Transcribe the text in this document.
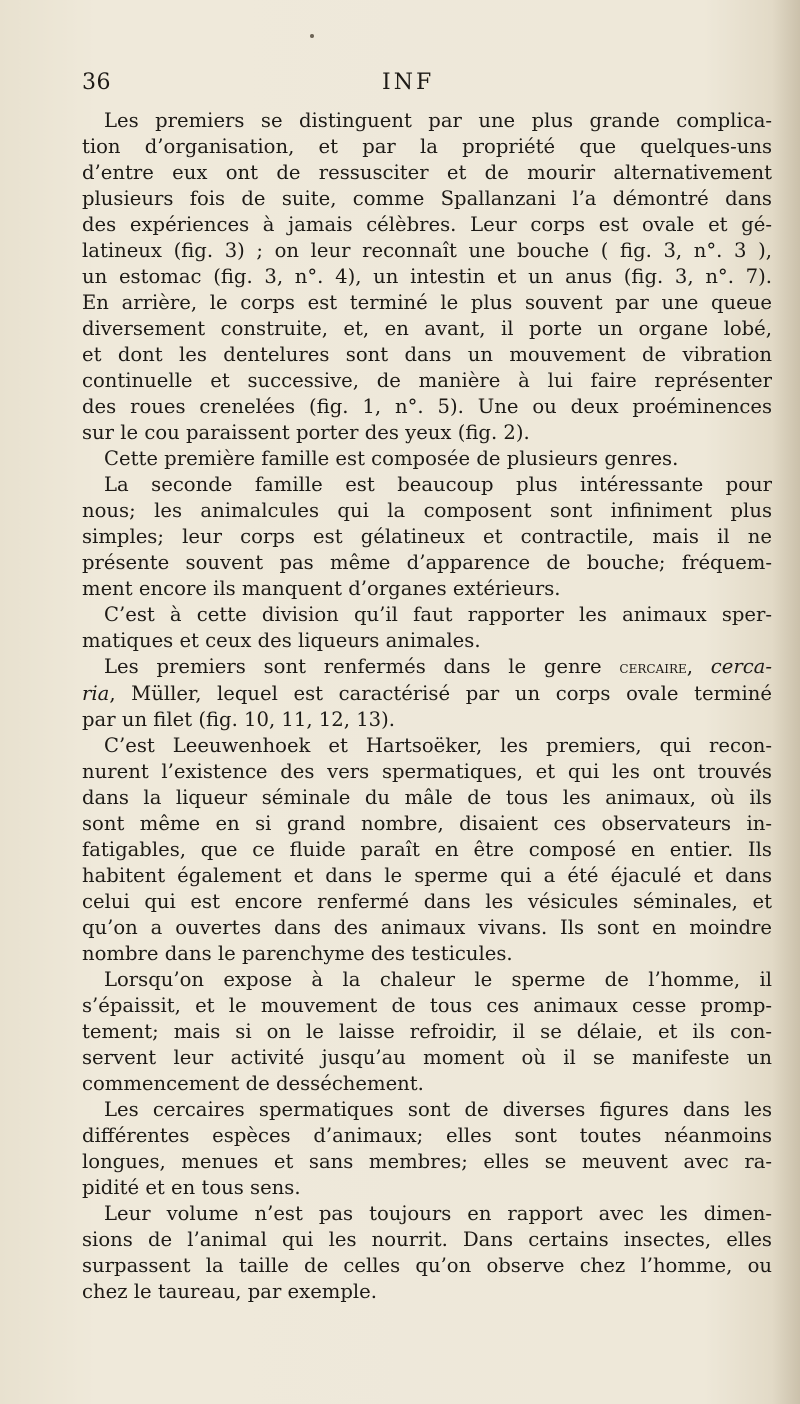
36	INF

Les premiers se distinguent par une plus grande complica-
tion d’organisation, et par la propriété que quelques-uns
d’entre eux ont de ressusciter et de mourir alternativement
plusieurs fois de suite, comme Spallanzani l’a démontré dans
des expériences à jamais célèbres. Leur corps est ovale et gé-
latineux (fig. 3) ; on leur reconnaît une bouche ( fig. 3, n°. 3 ),
un estomac (fig. 3, n°. 4), un intestin et un anus (fig. 3, n°. 7).
En arrière, le corps est terminé le plus souvent par une queue
diversement construite, et, en avant, il porte un organe lobé,
et dont les dentelures sont dans un mouvement de vibration
continuelle et successive, de manière à lui faire représenter
des roues crenelées (fig. 1, n°. 5). Une ou deux proéminences
sur le cou paraissent porter des yeux (fig. 2).

Cette première famille est composée de plusieurs genres.

La seconde famille est beaucoup plus intéressante pour
nous; les animalcules qui la composent sont infiniment plus
simples; leur corps est gélatineux et contractile, mais il ne
présente souvent pas même d’apparence de bouche; fréquem-
ment encore ils manquent d’organes extérieurs.

C’est à cette division qu’il faut rapporter les animaux sper-
matiques et ceux des liqueurs animales.

Les premiers sont renfermés dans le genre cercaire, cerca-
ria, Müller, lequel est caractérisé par un corps ovale terminé
par un filet (fig. 10, 11, 12, 13).

C’est Leeuwenhoek et Hartsoëker, les premiers, qui recon-
nurent l’existence des vers spermatiques, et qui les ont trouvés
dans la liqueur séminale du mâle de tous les animaux, où ils
sont même en si grand nombre, disaient ces observateurs in-
fatigables, que ce fluide paraît en être composé en entier. Ils
habitent également et dans le sperme qui a été éjaculé et dans
celui qui est encore renfermé dans les vésicules séminales, et
qu’on a ouvertes dans des animaux vivans. Ils sont en moindre
nombre dans le parenchyme des testicules.

Lorsqu’on expose à la chaleur le sperme de l’homme, il
s’épaissit, et le mouvement de tous ces animaux cesse promp-
tement; mais si on le laisse refroidir, il se délaie, et ils con-
servent leur activité jusqu’au moment où il se manifeste un
commencement de desséchement.

Les cercaires spermatiques sont de diverses figures dans les
différentes espèces d’animaux; elles sont toutes néanmoins
longues, menues et sans membres; elles se meuvent avec ra-
pidité et en tous sens.

Leur volume n’est pas toujours en rapport avec les dimen-
sions de l’animal qui les nourrit. Dans certains insectes, elles
surpassent la taille de celles qu’on observe chez l’homme, ou
chez le taureau, par exemple.
